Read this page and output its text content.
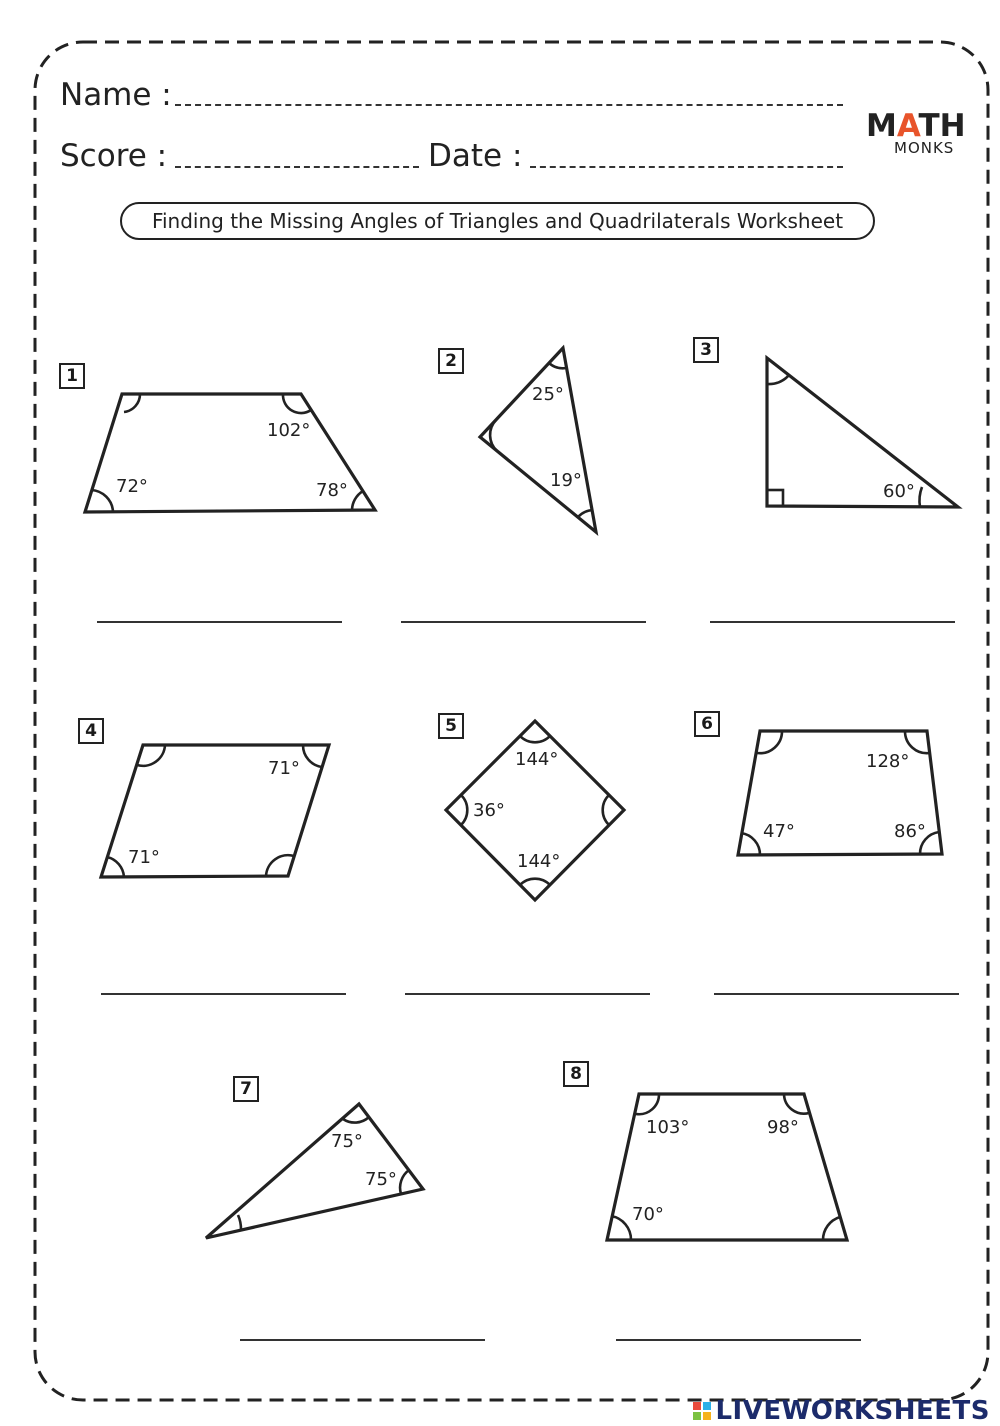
Name :
Score :	Date :
MATH
MONKS
Finding the Missing Angles of Triangles and Quadrilaterals Worksheet
1
2
3
4	5	6
7
8
102°
72°	78°
25°
19°
60°
71°
71°
144°
36°
144°
128°
47°	86°
75°
75°
103°	98°
70°
LIVEWORKSHEETS
